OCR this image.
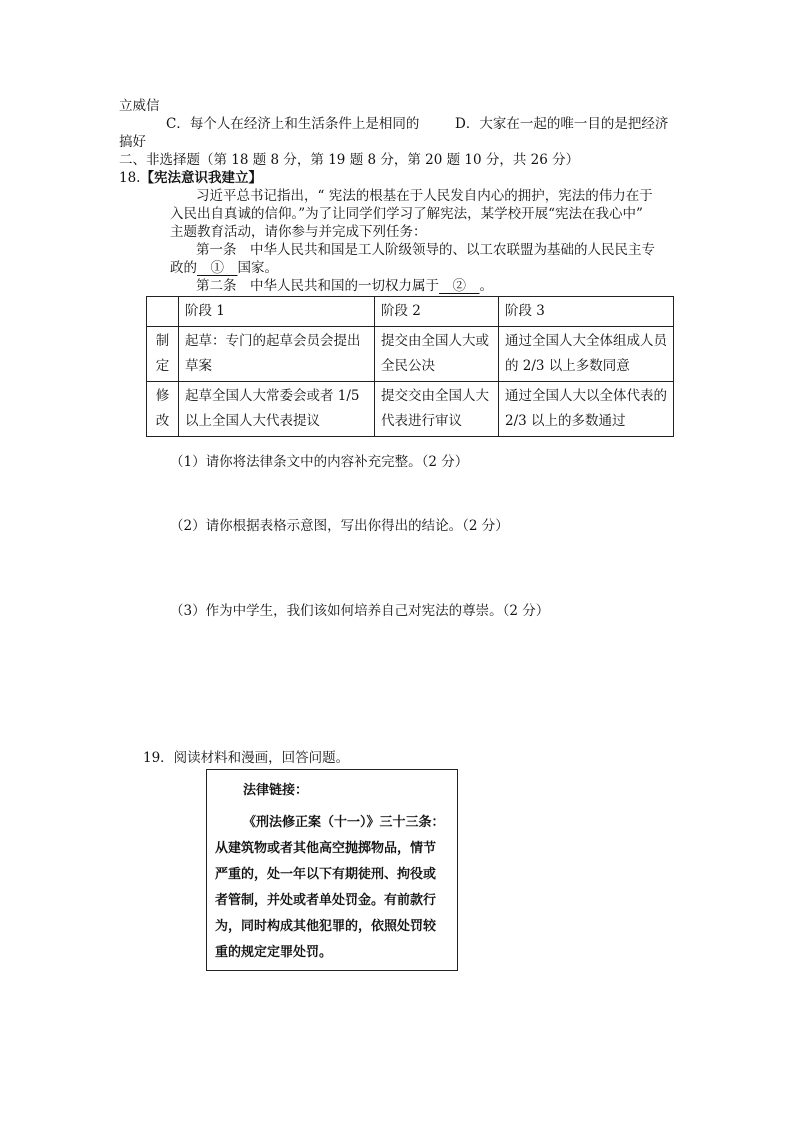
立威信
C．每个人在经济上和生活条件上是相同的	D．大家在一起的唯一目的是把经济
搞好
二、非选择题（第 18 题 8 分，第 19 题 8 分，第 20 题 10 分，共 26 分）
18.【宪法意识我建立】
习近平总书记指出，“ 宪法的根基在于人民发自内心的拥护，宪法的伟力在于
入民出自真诚的信仰。”为了让同学们学习了解宪法，某学校开展“宪法在我心中”
主题教育活动，请你参与并完成下列任务：
第一条　中华人民共和国是工人阶级领导的、以工农联盟为基础的人民民主专
政的　①　国家。
第二条　中华人民共和国的一切权力属于　②　。
	阶段 1	阶段 2	阶段 3
制定	起草：专门的起草会员会提出草案	提交由全国人大或全民公决	通过全国人大全体组成人员的 2/3 以上多数同意
修改	起草全国人大常委会或者 1/5 以上全国人大代表提议	提交交由全国人大代表进行审议	通过全国人大以全体代表的 2/3 以上的多数通过
（1）请你将法律条文中的内容补充完整。（2 分）
（2）请你根据表格示意图，写出你得出的结论。（2 分）
（3）作为中学生，我们该如何培养自己对宪法的尊崇。（2 分）
19．阅读材料和漫画，回答问题。
法律链接：
《刑法修正案（十一）》三十三条：
从建筑物或者其他高空抛掷物品，情节
严重的，处一年以下有期徒刑、拘役或
者管制，并处或者单处罚金。有前款行
为，同时构成其他犯罪的，依照处罚较
重的规定定罪处罚。
